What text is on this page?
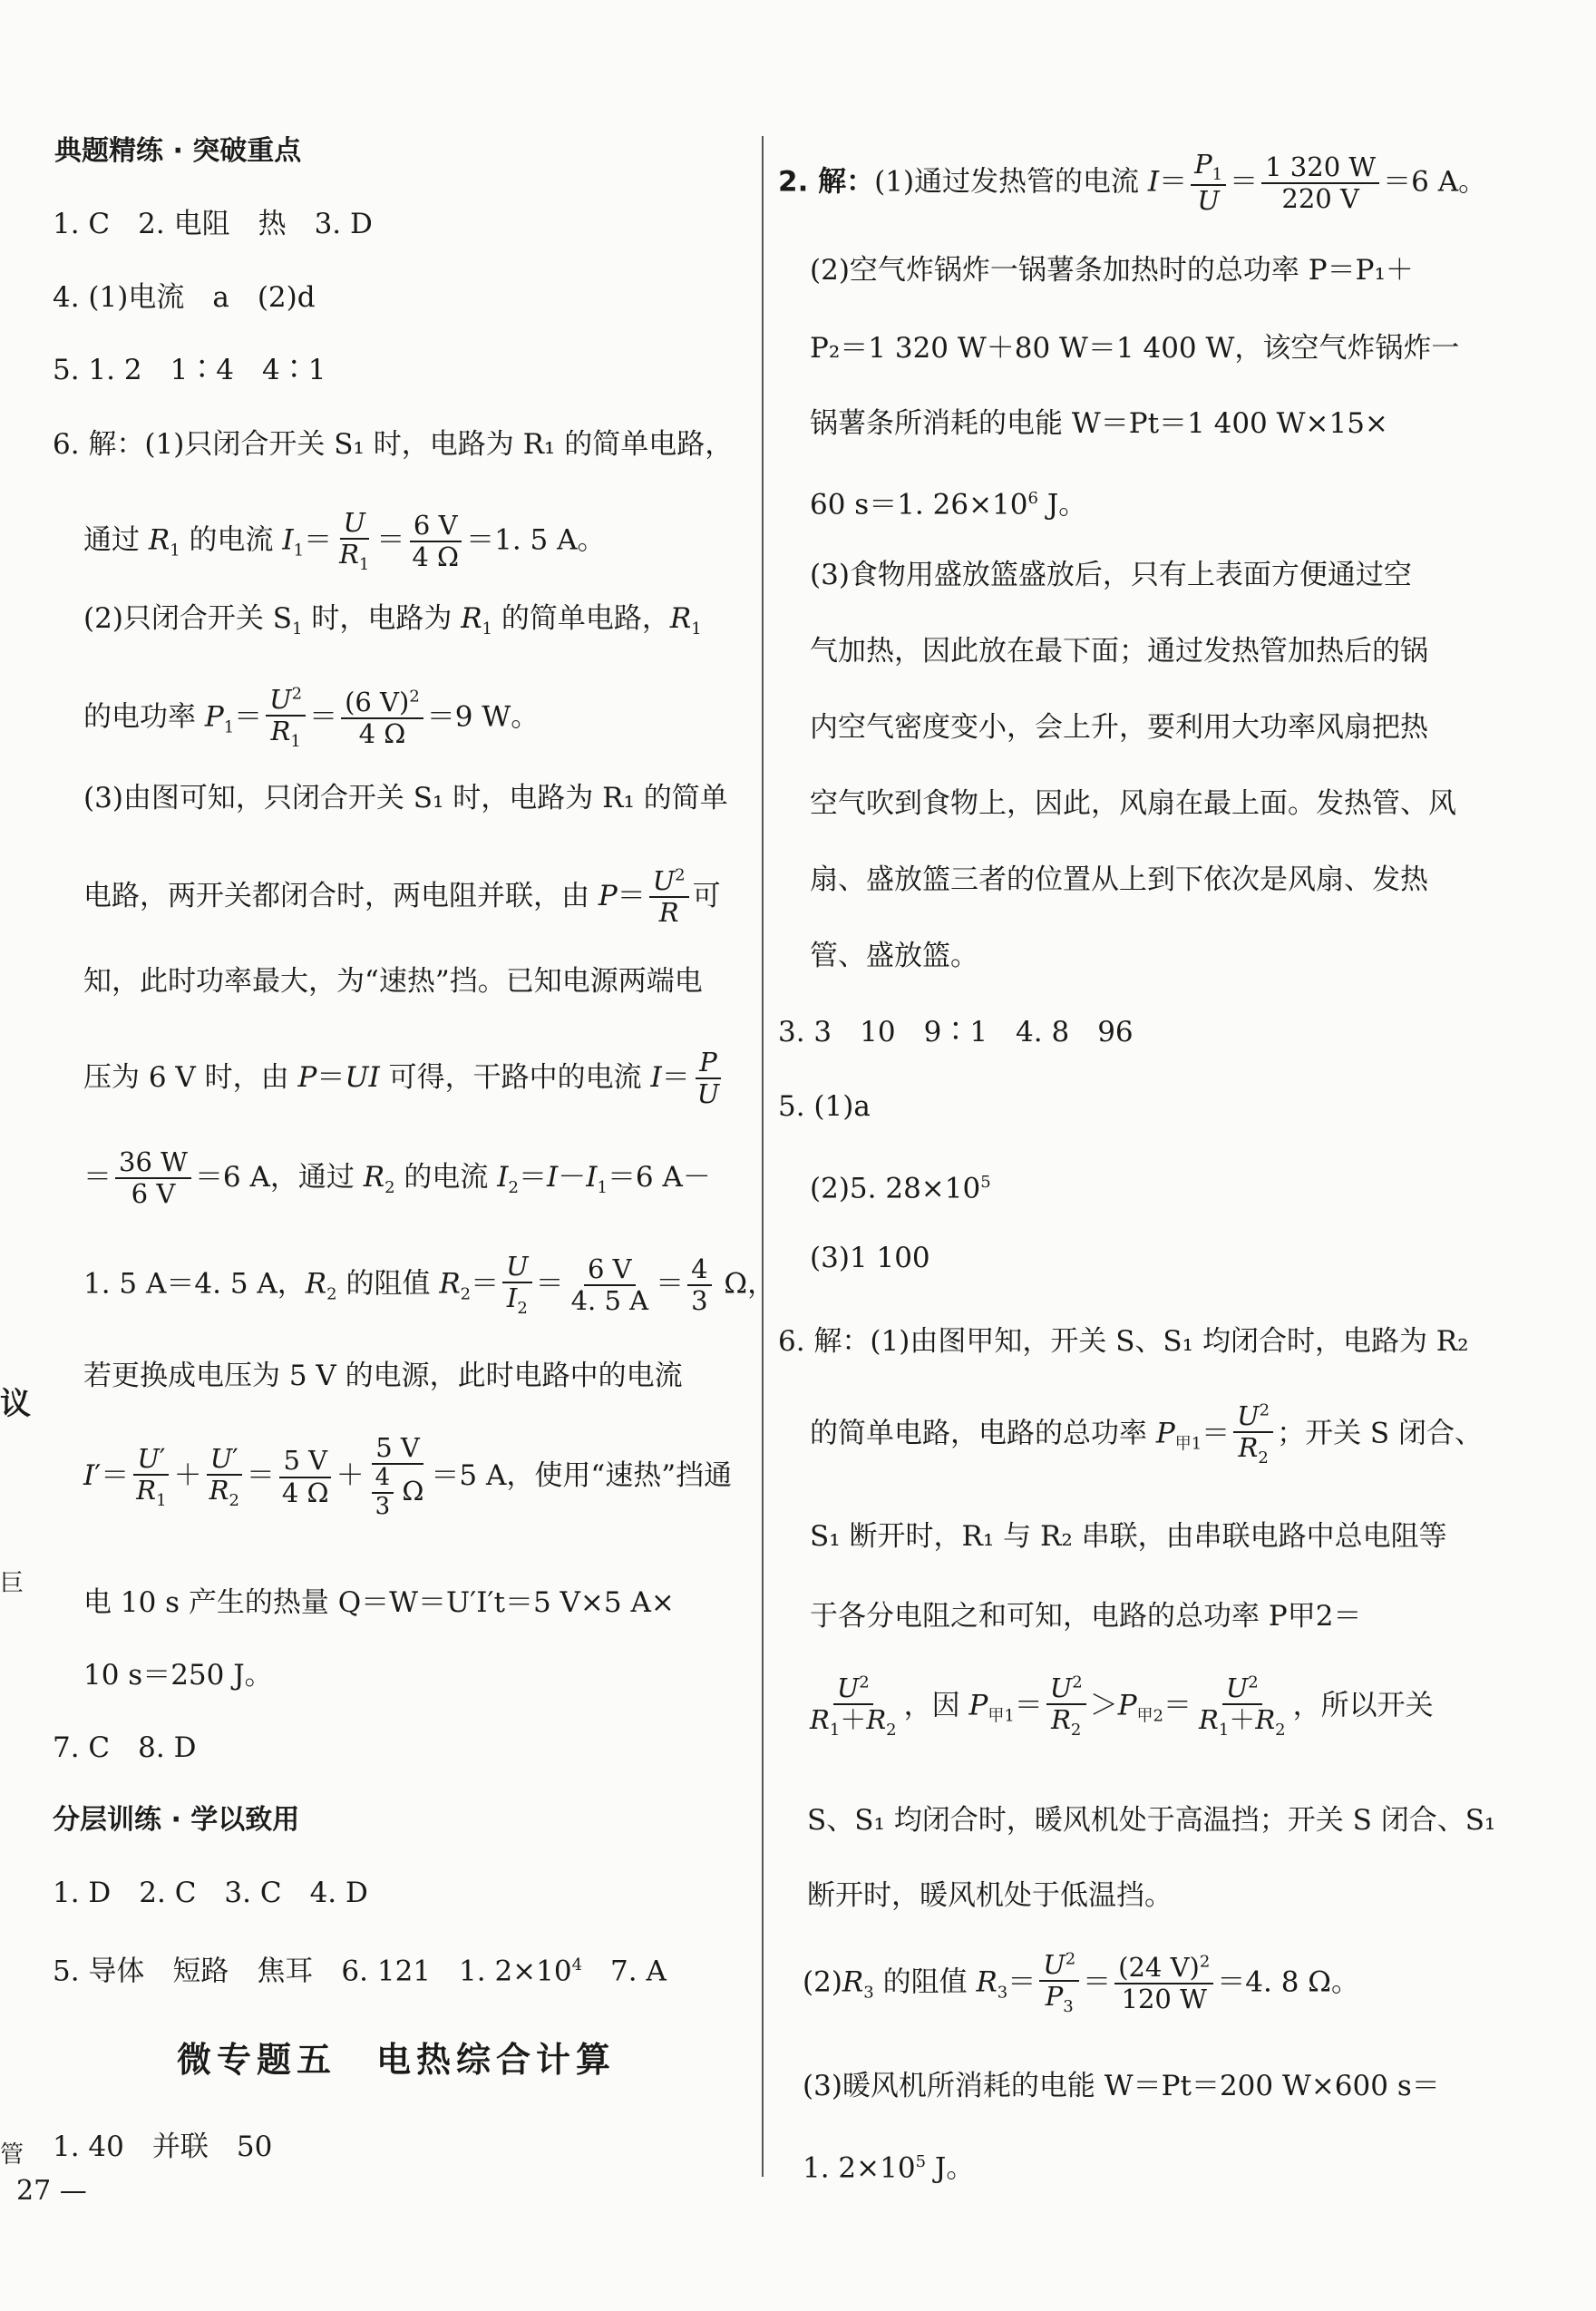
典题精练 · 突破重点
1. C　2. 电阻　热　3. D
4. (1)电流　a　(2)d
5. 1. 2　1∶4　4∶1
6. 解：(1)只闭合开关 S₁ 时，电路为 R₁ 的简单电路，
通过 $R_1$ 的电流 $I_1= \frac{U}{R_1} = \frac{6 V}{4 \Omega} =1$. 5 A。
(2)只闭合开关 $S_1$ 时，电路为 $R_1$ 的简单电路，$R_1$
的电功率 $P_1= \frac{U^2}{R_1} = \frac{(6 V)^2}{4 \Omega} =9$ W。
(3)由图可知，只闭合开关 S₁ 时，电路为 R₁ 的简单
电路，两开关都闭合时，两电阻并联，由 $P= \frac{U^2}{R}$ 可
知，此时功率最大，为“速热”挡。已知电源两端电
压为 6 V 时，由 P＝UI 可得，干路中的电流 $I= \frac{P}{U}$
＝ $\frac{36 W}{6 V} =6$ A，通过 $R_2$ 的电流 $I_2=I-I_1=6$ A－
1. 5 A＝4. 5 A，$R_2$ 的阻值 $R_2= \frac{U}{I_2} = \frac{6 V}{4. 5 A} = \frac{4}{3}$ Ω，
若更换成电压为 5 V 的电源，此时电路中的电流
$I'= \frac{U'}{R_1} + \frac{U'}{R_2} = \frac{5 V}{4 \Omega} + \frac{5 V}{\frac{4}{3} \Omega} =5$ A，使用“速热”挡通
电 10 s 产生的热量 Q＝W＝U′I′t＝5 V×5 A×
10 s＝250 J。
7. C　8. D
分层训练 · 学以致用
1. D　2. C　3. C　4. D
5. 导体　短路　焦耳　6. 121　1. $2\times 10^4$　7. A
微专题五　电热综合计算
1. 40　并联　50
2. 解：(1)通过发热管的电流 $I= \frac{P_1}{U} = \frac{1 320 W}{220 V} =6$ A。
(2)空气炸锅炸一锅薯条加热时的总功率 P＝P₁＋
P₂＝1 320 W＋80 W＝1 400 W，该空气炸锅炸一
锅薯条所消耗的电能 W＝Pt＝1 400 W×15×
60 s＝1. $26\times 10^6$ J。
(3)食物用盛放篮盛放后，只有上表面方便通过空
气加热，因此放在最下面；通过发热管加热后的锅
内空气密度变小，会上升，要利用大功率风扇把热
空气吹到食物上，因此，风扇在最上面。发热管、风
扇、盛放篮三者的位置从上到下依次是风扇、发热
管、盛放篮。
3. 3　10　9∶1　4. 8　96
5. (1)a
(2)5. $28\times 10^5$
(3)1 100
6. 解：(1)由图甲知，开关 S、S₁ 均闭合时，电路为 R₂
的简单电路，电路的总功率 $P_{甲1}= \frac{U^2}{R_2}$ ；开关 S 闭合、
S₁ 断开时，R₁ 与 R₂ 串联，由串联电路中总电阻等
于各分电阻之和可知，电路的总功率 P甲2＝
$\frac{U^2}{R_1+R_2}$ ，因 $P_{甲1}= \frac{U^2}{R_2} >P_{甲2}= \frac{U^2}{R_1+R_2}$ ，所以开关
S、S₁ 均闭合时，暖风机处于高温挡；开关 S 闭合、S₁
断开时，暖风机处于低温挡。
$(2)R_3$ 的阻值 $R_3= \frac{U^2}{P_3} = \frac{(24 V)^2}{120 W} =4$. 8 Ω。
(3)暖风机所消耗的电能 W＝Pt＝200 W×600 s＝
1. $2\times 10^5$ J。
27 —
议
巨
管
